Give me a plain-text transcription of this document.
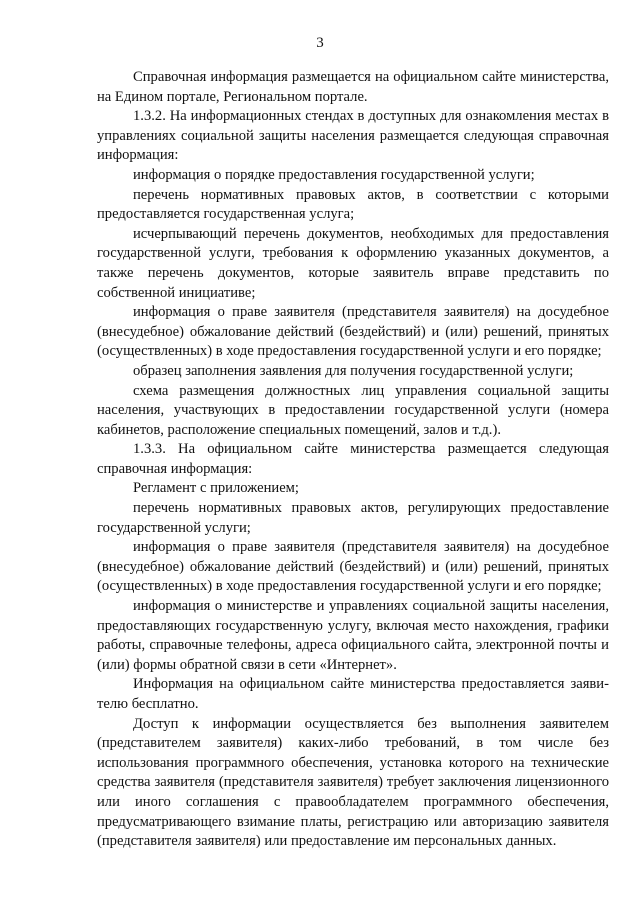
3

Справочная информация размещается на официальном сайте министерства, на Едином портале, Региональном портале.

1.3.2. На информационных стендах в доступных для ознакомления местах в управлениях социальной защиты населения размещается следующая справочная информация:

информация о порядке предоставления государственной услуги;

перечень нормативных правовых актов, в соответствии с которыми предоставляется государственная услуга;

исчерпывающий перечень документов, необходимых для предоставления государственной услуги, требования к оформлению указанных документов, а также перечень документов, которые заявитель вправе представить по собственной инициативе;

информация о праве заявителя (представителя заявителя) на досудебное (внесудебное) обжалование действий (бездействий) и (или) решений, принятых (осуществленных) в ходе предоставления государственной услуги и его порядке;

образец заполнения заявления для получения государственной услуги;

схема размещения должностных лиц управления социальной защиты населения, участвующих в предоставлении государственной услуги (номера кабинетов, расположение специальных помещений, залов и т.д.).

1.3.3. На официальном сайте министерства размещается следующая справочная информация:

Регламент с приложением;

перечень нормативных правовых актов, регулирующих предоставление государственной услуги;

информация о праве заявителя (представителя заявителя) на досудебное (внесудебное) обжалование действий (бездействий) и (или) решений, принятых (осуществленных) в ходе предоставления государственной услуги и его порядке;

информация о министерстве и управлениях социальной защиты населения, предоставляющих государственную услугу, включая место нахождения, графики работы, справочные телефоны, адреса официального сайта, электронной почты и (или) формы обратной связи в сети «Интернет».

Информация на официальном сайте министерства предоставляется заявителю бесплатно.

Доступ к информации осуществляется без выполнения заявителем (представителем заявителя) каких-либо требований, в том числе без использования программного обеспечения, установка которого на технические средства заявителя (представителя заявителя) требует заключения лицензионного или иного соглашения с правообладателем программного обеспечения, предусматривающего взимание платы, регистрацию или авторизацию заявителя (представителя заявителя) или предоставление им персональных данных.
